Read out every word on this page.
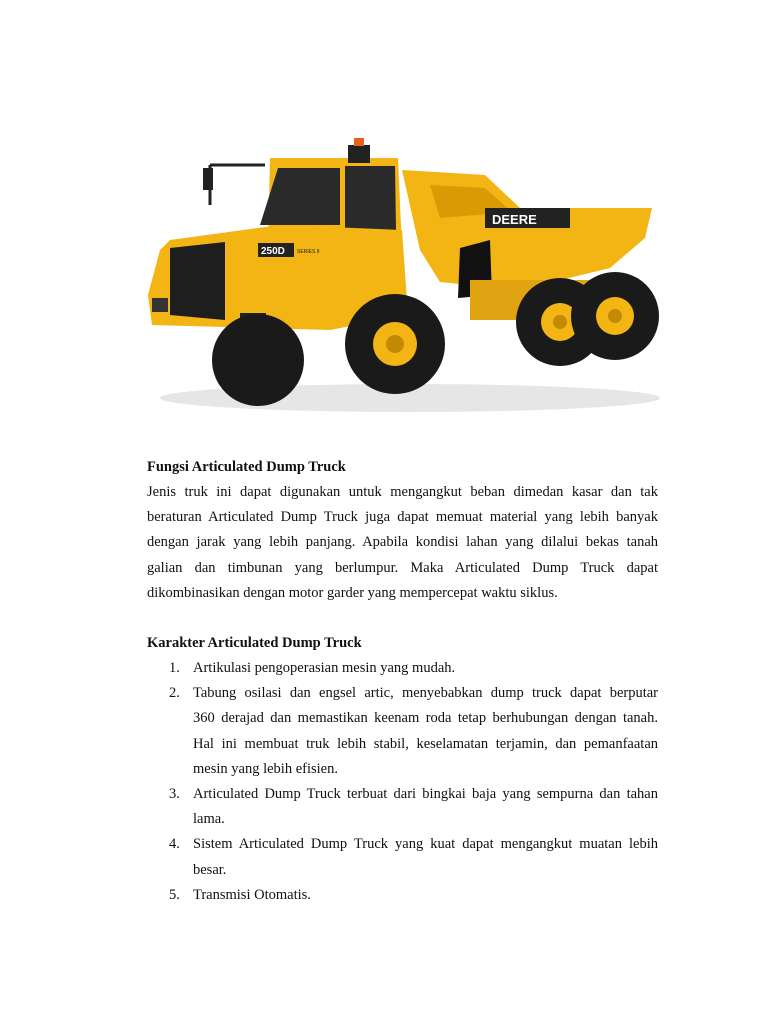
DEERE
250D SERIES II
Fungsi Articulated Dump Truck
Jenis truk ini dapat digunakan untuk mengangkut beban dimedan kasar dan tak
beraturan Articulated Dump Truck juga dapat memuat material yang lebih banyak
dengan jarak yang lebih panjang. Apabila kondisi lahan yang dilalui bekas tanah
galian dan timbunan yang berlumpur. Maka Articulated Dump Truck dapat
dikombinasikan dengan motor garder yang mempercepat waktu siklus.
Karakter Articulated Dump Truck
1. Artikulasi pengoperasian mesin yang mudah.
2. Tabung osilasi dan engsel artic, menyebabkan dump truck dapat berputar
360 derajad dan memastikan keenam roda tetap berhubungan dengan tanah.
Hal ini membuat truk lebih stabil, keselamatan terjamin, dan pemanfaatan
mesin yang lebih efisien.
3. Articulated Dump Truck terbuat dari bingkai baja yang sempurna dan tahan
lama.
4. Sistem Articulated Dump Truck yang kuat dapat mengangkut muatan lebih
besar.
5. Transmisi Otomatis.
